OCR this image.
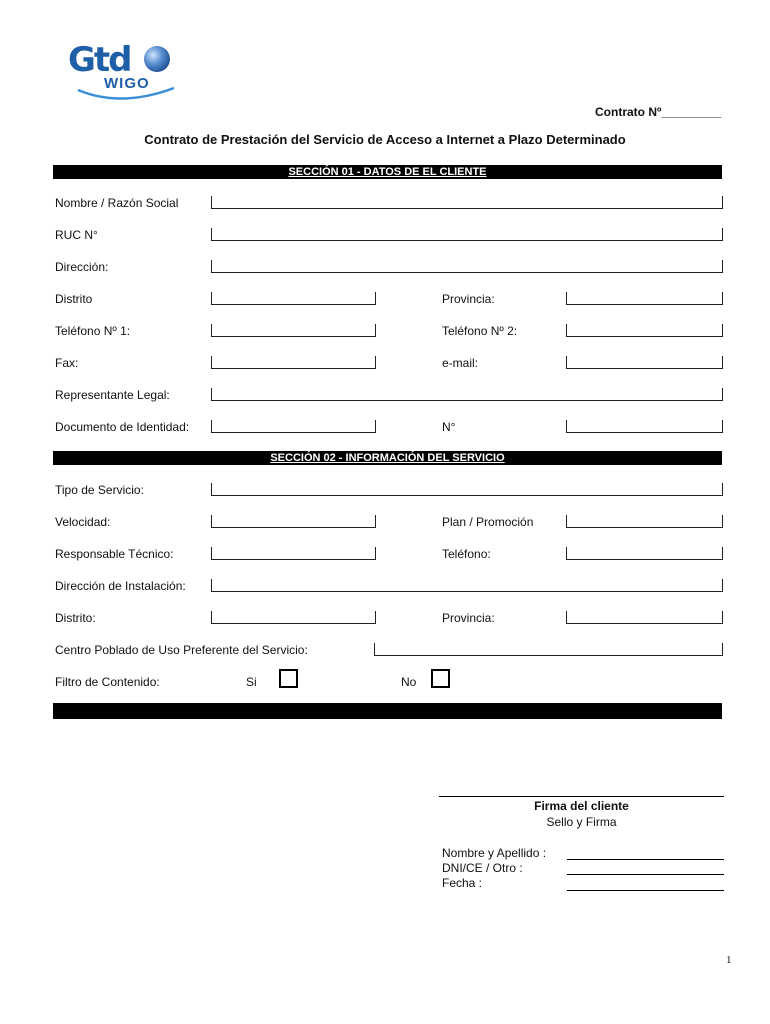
Gtd
WIGO
Contrato Nº_________
Contrato de Prestación del Servicio de Acceso a Internet a Plazo Determinado
SECCIÓN 01 - DATOS DE EL CLIENTE
Nombre / Razón Social
RUC N°
Dirección:
Distrito	Provincia:
Teléfono Nº 1:	Teléfono Nº 2:
Fax:	e-mail:
Representante Legal:
Documento de Identidad:	N°
SECCIÓN 02 - INFORMACIÓN DEL SERVICIO
Tipo de Servicio:
Velocidad:	Plan / Promoción
Responsable Técnico:	Teléfono:
Dirección de Instalación:
Distrito:	Provincia:
Centro Poblado de Uso Preferente del Servicio:
Filtro de Contenido:	Si	No
Firma del cliente
Sello y Firma
Nombre y Apellido :
DNI/CE / Otro :
Fecha :
1
